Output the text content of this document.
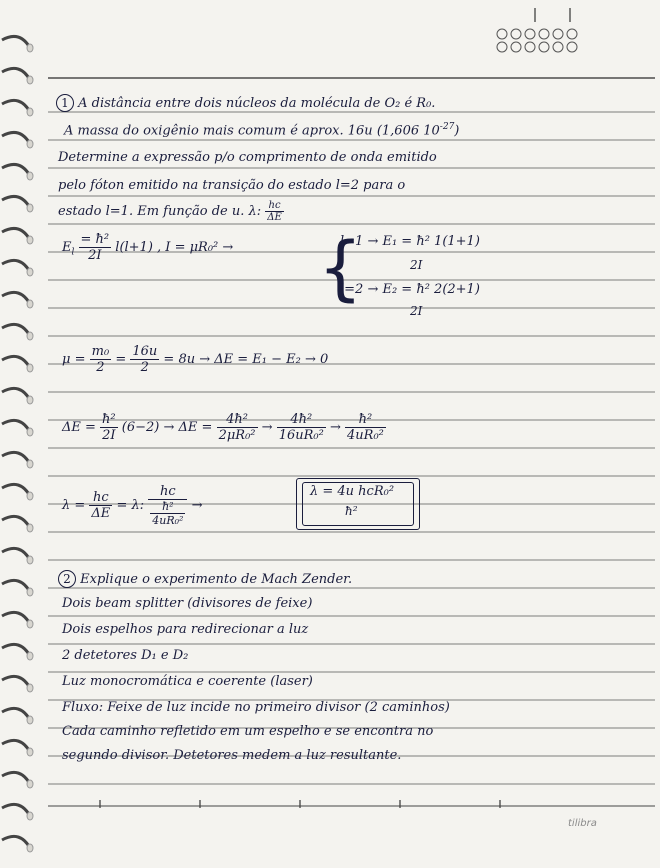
1 A distância entre dois núcleos da molécula de O₂ é R₀.
A massa do oxigênio mais comum é aprox. 16u (1,606 $10^{-27}$)
Determine a expressão p/o comprimento de onda emitido
pelo fóton emitido na transição do estado l=2 para o
estado l=1. Em função de u. λ: $\frac{hc}{\Delta E}$
$E_l \frac{\text{= ħ²}}{2I} l(l+1)$ , I = μR₀² → {
l=1 → E₁ = ħ² 1(1+1)
2I
l=2 → E₂ = ħ² 2(2+1)
2I
$\mu = \frac{\text{m₀}}{2} = \frac{16u}{2} = 8u \to \Delta E = E_1 - E_2 \to 0$
$\Delta E = \frac{\text{ħ²}}{2I} (6-2) \to \Delta E = \frac{\text{4ħ²}}{\text{2μR₀²}} \to \frac{\text{4ħ²}}{\text{16uR₀²}} \to \frac{\text{ħ²}}{\text{4uR₀²}}$
$\lambda = \frac{hc}{\Delta E} = \lambda$: $\frac{hc}{\frac{\text{ħ²}}{\text{4uR₀²}}}$ →
λ = 4u hcR₀²
ħ²
2 Explique o experimento de Mach Zender.
Dois beam splitter (divisores de feixe)
Dois espelhos para redirecionar a luz
2 detetores D₁ e D₂
Luz monocromática e coerente (laser)
Fluxo: Feixe de luz incide no primeiro divisor (2 caminhos)
Cada caminho refletido em um espelho e se encontra no
segundo divisor. Detetores medem a luz resultante.
tilibra
